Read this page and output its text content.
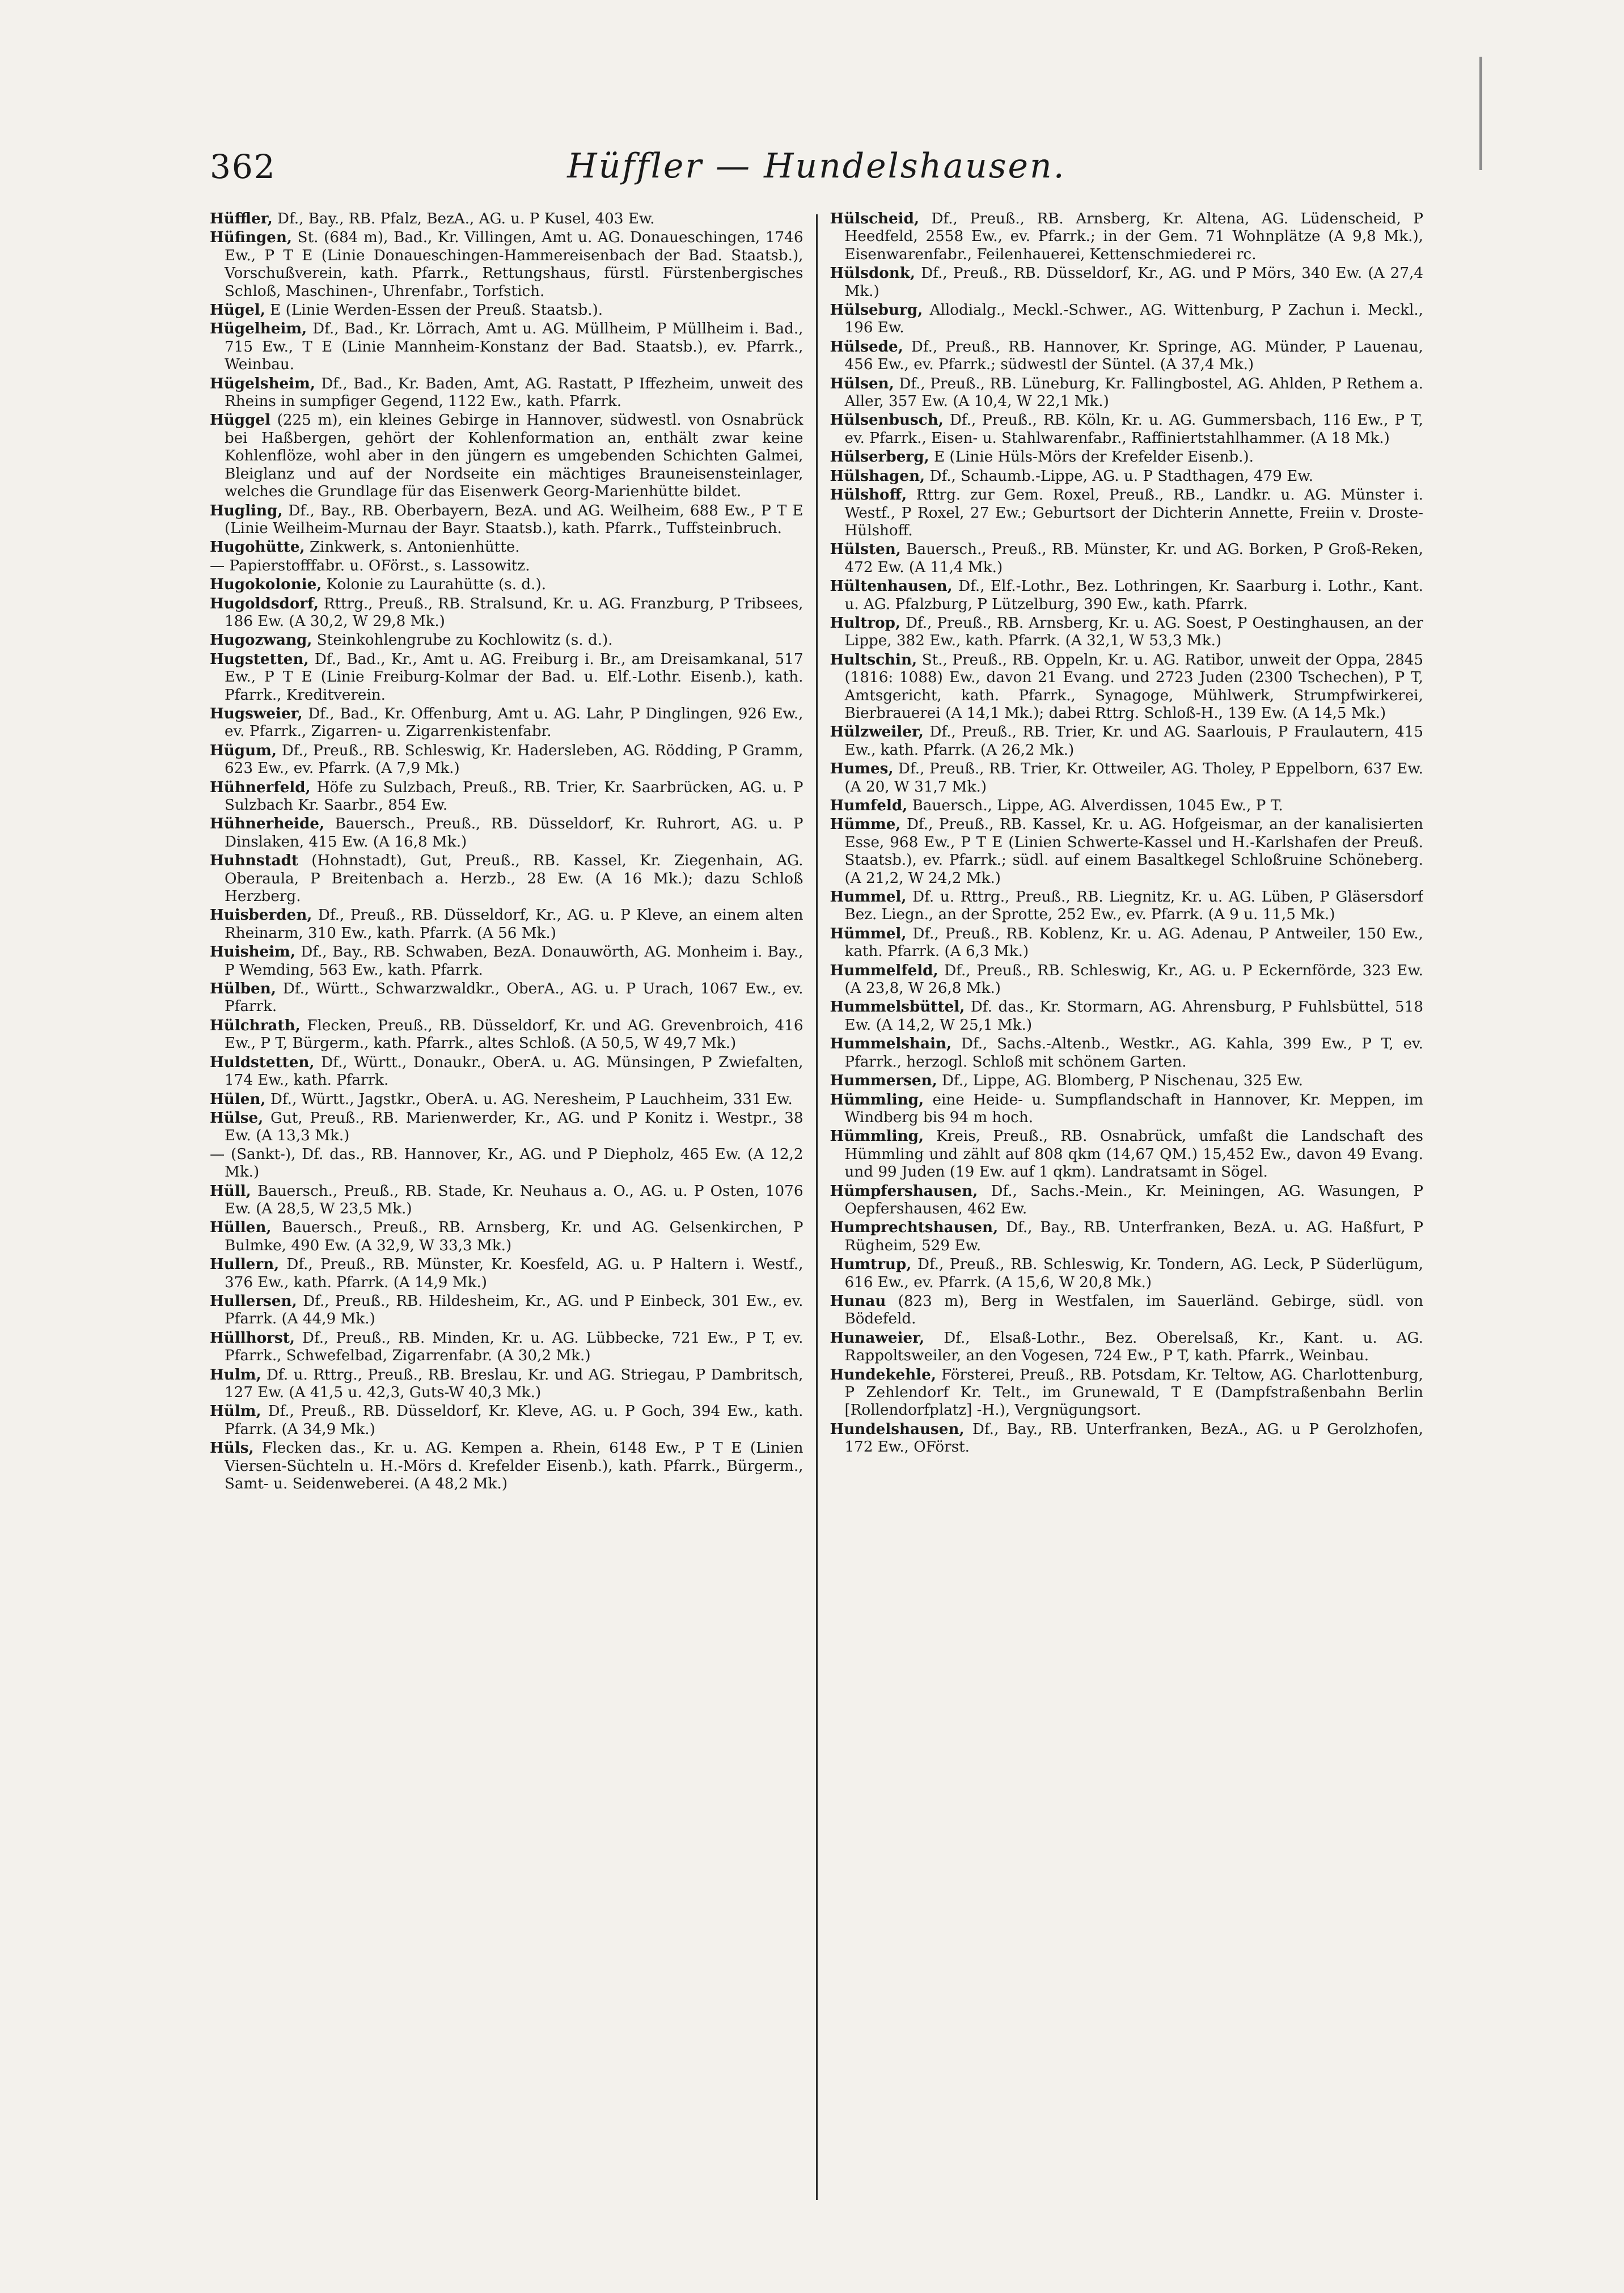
362	Hüffler — Hundelshausen.

Hüffler, Df., Bay., RB. Pfalz, BezA., AG. u. P Kusel, 403 Ew.

Hüfingen, St. (684 m), Bad., Kr. Villingen, Amt u. AG. Donaueschingen, 1746 Ew., P T E (Linie Donaueschingen-Hammereisenbach der Bad. Staatsb.), Vorschußverein, kath. Pfarrk., Rettungshaus, fürstl. Fürstenbergisches Schloß, Maschinen-, Uhrenfabr., Torfstich.

Hügel, E (Linie Werden-Essen der Preuß. Staatsb.).

Hügelheim, Df., Bad., Kr. Lörrach, Amt u. AG. Müllheim, P Müllheim i. Bad., 715 Ew., T E (Linie Mannheim-Konstanz der Bad. Staatsb.), ev. Pfarrk., Weinbau.

Hügelsheim, Df., Bad., Kr. Baden, Amt, AG. Rastatt, P Iffezheim, unweit des Rheins in sumpfiger Gegend, 1122 Ew., kath. Pfarrk.

Hüggel (225 m), ein kleines Gebirge in Hannover, südwestl. von Osnabrück bei Haßbergen, gehört der Kohlenformation an, enthält zwar keine Kohlenflöze, wohl aber in den jüngern es umgebenden Schichten Galmei, Bleiglanz und auf der Nordseite ein mächtiges Brauneisensteinlager, welches die Grundlage für das Eisenwerk Georg-Marienhütte bildet.

Hugling, Df., Bay., RB. Oberbayern, BezA. und AG. Weilheim, 688 Ew., P T E (Linie Weilheim-Murnau der Bayr. Staatsb.), kath. Pfarrk., Tuffsteinbruch.

Hugohütte, Zinkwerk, s. Antonienhütte.

— Papierstofffabr. u. OFörst., s. Lassowitz.

Hugokolonie, Kolonie zu Laurahütte (s. d.).

Hugoldsdorf, Rttrg., Preuß., RB. Stralsund, Kr. u. AG. Franzburg, P Tribsees, 186 Ew. (A 30,2, W 29,8 Mk.)

Hugozwang, Steinkohlengrube zu Kochlowitz (s. d.).

Hugstetten, Df., Bad., Kr., Amt u. AG. Freiburg i. Br., am Dreisamkanal, 517 Ew., P T E (Linie Freiburg-Kolmar der Bad. u. Elf.-Lothr. Eisenb.), kath. Pfarrk., Kreditverein.

Hugsweier, Df., Bad., Kr. Offenburg, Amt u. AG. Lahr, P Dinglingen, 926 Ew., ev. Pfarrk., Zigarren- u. Zigarrenkistenfabr.

Hügum, Df., Preuß., RB. Schleswig, Kr. Hadersleben, AG. Rödding, P Gramm, 623 Ew., ev. Pfarrk. (A 7,9 Mk.)

Hühnerfeld, Höfe zu Sulzbach, Preuß., RB. Trier, Kr. Saarbrücken, AG. u. P Sulzbach Kr. Saarbr., 854 Ew.

Hühnerheide, Bauersch., Preuß., RB. Düsseldorf, Kr. Ruhrort, AG. u. P Dinslaken, 415 Ew. (A 16,8 Mk.)

Huhnstadt (Hohnstadt), Gut, Preuß., RB. Kassel, Kr. Ziegenhain, AG. Oberaula, P Breitenbach a. Herzb., 28 Ew. (A 16 Mk.); dazu Schloß Herzberg.

Huisberden, Df., Preuß., RB. Düsseldorf, Kr., AG. u. P Kleve, an einem alten Rheinarm, 310 Ew., kath. Pfarrk. (A 56 Mk.)

Huisheim, Df., Bay., RB. Schwaben, BezA. Donauwörth, AG. Monheim i. Bay., P Wemding, 563 Ew., kath. Pfarrk.

Hülben, Df., Württ., Schwarzwaldkr., OberA., AG. u. P Urach, 1067 Ew., ev. Pfarrk.

Hülchrath, Flecken, Preuß., RB. Düsseldorf, Kr. und AG. Grevenbroich, 416 Ew., P T, Bürgerm., kath. Pfarrk., altes Schloß. (A 50,5, W 49,7 Mk.)

Huldstetten, Df., Württ., Donaukr., OberA. u. AG. Münsingen, P Zwiefalten, 174 Ew., kath. Pfarrk.

Hülen, Df., Württ., Jagstkr., OberA. u. AG. Neresheim, P Lauchheim, 331 Ew.

Hülse, Gut, Preuß., RB. Marienwerder, Kr., AG. und P Konitz i. Westpr., 38 Ew. (A 13,3 Mk.)

— (Sankt-), Df. das., RB. Hannover, Kr., AG. und P Diepholz, 465 Ew. (A 12,2 Mk.)

Hüll, Bauersch., Preuß., RB. Stade, Kr. Neuhaus a. O., AG. u. P Osten, 1076 Ew. (A 28,5, W 23,5 Mk.)

Hüllen, Bauersch., Preuß., RB. Arnsberg, Kr. und AG. Gelsenkirchen, P Bulmke, 490 Ew. (A 32,9, W 33,3 Mk.)

Hullern, Df., Preuß., RB. Münster, Kr. Koesfeld, AG. u. P Haltern i. Westf., 376 Ew., kath. Pfarrk. (A 14,9 Mk.)

Hullersen, Df., Preuß., RB. Hildesheim, Kr., AG. und P Einbeck, 301 Ew., ev. Pfarrk. (A 44,9 Mk.)

Hüllhorst, Df., Preuß., RB. Minden, Kr. u. AG. Lübbecke, 721 Ew., P T, ev. Pfarrk., Schwefelbad, Zigarrenfabr. (A 30,2 Mk.)

Hulm, Df. u. Rttrg., Preuß., RB. Breslau, Kr. und AG. Striegau, P Dambritsch, 127 Ew. (A 41,5 u. 42,3, Guts-W 40,3 Mk.)

Hülm, Df., Preuß., RB. Düsseldorf, Kr. Kleve, AG. u. P Goch, 394 Ew., kath. Pfarrk. (A 34,9 Mk.)

Hüls, Flecken das., Kr. u. AG. Kempen a. Rhein, 6148 Ew., P T E (Linien Viersen-Süchteln u. H.-Mörs d. Krefelder Eisenb.), kath. Pfarrk., Bürgerm., Samt- u. Seidenweberei. (A 48,2 Mk.)

Hülscheid, Df., Preuß., RB. Arnsberg, Kr. Altena, AG. Lüdenscheid, P Heedfeld, 2558 Ew., ev. Pfarrk.; in der Gem. 71 Wohnplätze (A 9,8 Mk.), Eisenwarenfabr., Feilenhauerei, Kettenschmiederei rc.

Hülsdonk, Df., Preuß., RB. Düsseldorf, Kr., AG. und P Mörs, 340 Ew. (A 27,4 Mk.)

Hülseburg, Allodialg., Meckl.-Schwer., AG. Wittenburg, P Zachun i. Meckl., 196 Ew.

Hülsede, Df., Preuß., RB. Hannover, Kr. Springe, AG. Münder, P Lauenau, 456 Ew., ev. Pfarrk.; südwestl der Süntel. (A 37,4 Mk.)

Hülsen, Df., Preuß., RB. Lüneburg, Kr. Fallingbostel, AG. Ahlden, P Rethem a. Aller, 357 Ew. (A 10,4, W 22,1 Mk.)

Hülsenbusch, Df., Preuß., RB. Köln, Kr. u. AG. Gummersbach, 116 Ew., P T, ev. Pfarrk., Eisen- u. Stahlwarenfabr., Raffiniertstahlhammer. (A 18 Mk.)

Hülserberg, E (Linie Hüls-Mörs der Krefelder Eisenb.).

Hülshagen, Df., Schaumb.-Lippe, AG. u. P Stadthagen, 479 Ew.

Hülshoff, Rttrg. zur Gem. Roxel, Preuß., RB., Landkr. u. AG. Münster i. Westf., P Roxel, 27 Ew.; Geburtsort der Dichterin Annette, Freiin v. Droste-Hülshoff.

Hülsten, Bauersch., Preuß., RB. Münster, Kr. und AG. Borken, P Groß-Reken, 472 Ew. (A 11,4 Mk.)

Hültenhausen, Df., Elf.-Lothr., Bez. Lothringen, Kr. Saarburg i. Lothr., Kant. u. AG. Pfalzburg, P Lützelburg, 390 Ew., kath. Pfarrk.

Hultrop, Df., Preuß., RB. Arnsberg, Kr. u. AG. Soest, P Oestinghausen, an der Lippe, 382 Ew., kath. Pfarrk. (A 32,1, W 53,3 Mk.)

Hultschin, St., Preuß., RB. Oppeln, Kr. u. AG. Ratibor, unweit der Oppa, 2845 (1816: 1088) Ew., davon 21 Evang. und 2723 Juden (2300 Tschechen), P T, Amtsgericht, kath. Pfarrk., Synagoge, Mühlwerk, Strumpfwirkerei, Bierbrauerei (A 14,1 Mk.); dabei Rttrg. Schloß-H., 139 Ew. (A 14,5 Mk.)

Hülzweiler, Df., Preuß., RB. Trier, Kr. und AG. Saarlouis, P Fraulautern, 415 Ew., kath. Pfarrk. (A 26,2 Mk.)

Humes, Df., Preuß., RB. Trier, Kr. Ottweiler, AG. Tholey, P Eppelborn, 637 Ew. (A 20, W 31,7 Mk.)

Humfeld, Bauersch., Lippe, AG. Alverdissen, 1045 Ew., P T.

Hümme, Df., Preuß., RB. Kassel, Kr. u. AG. Hofgeismar, an der kanalisierten Esse, 968 Ew., P T E (Linien Schwerte-Kassel und H.-Karlshafen der Preuß. Staatsb.), ev. Pfarrk.; südl. auf einem Basaltkegel Schloßruine Schöneberg. (A 21,2, W 24,2 Mk.)

Hummel, Df. u. Rttrg., Preuß., RB. Liegnitz, Kr. u. AG. Lüben, P Gläsersdorf Bez. Liegn., an der Sprotte, 252 Ew., ev. Pfarrk. (A 9 u. 11,5 Mk.)

Hümmel, Df., Preuß., RB. Koblenz, Kr. u. AG. Adenau, P Antweiler, 150 Ew., kath. Pfarrk. (A 6,3 Mk.)

Hummelfeld, Df., Preuß., RB. Schleswig, Kr., AG. u. P Eckernförde, 323 Ew. (A 23,8, W 26,8 Mk.)

Hummelsbüttel, Df. das., Kr. Stormarn, AG. Ahrensburg, P Fuhlsbüttel, 518 Ew. (A 14,2, W 25,1 Mk.)

Hummelshain, Df., Sachs.-Altenb., Westkr., AG. Kahla, 399 Ew., P T, ev. Pfarrk., herzogl. Schloß mit schönem Garten.

Hummersen, Df., Lippe, AG. Blomberg, P Nischenau, 325 Ew.

Hümmling, eine Heide- u. Sumpflandschaft in Hannover, Kr. Meppen, im Windberg bis 94 m hoch.

Hümmling, Kreis, Preuß., RB. Osnabrück, umfaßt die Landschaft des Hümmling und zählt auf 808 qkm (14,67 QM.) 15,452 Ew., davon 49 Evang. und 99 Juden (19 Ew. auf 1 qkm). Landratsamt in Sögel.

Hümpfershausen, Df., Sachs.-Mein., Kr. Meiningen, AG. Wasungen, P Oepfershausen, 462 Ew.

Humprechtshausen, Df., Bay., RB. Unterfranken, BezA. u. AG. Haßfurt, P Rügheim, 529 Ew.

Humtrup, Df., Preuß., RB. Schleswig, Kr. Tondern, AG. Leck, P Süderlügum, 616 Ew., ev. Pfarrk. (A 15,6, W 20,8 Mk.)

Hunau (823 m), Berg in Westfalen, im Sauerländ. Gebirge, südl. von Bödefeld.

Hunaweier, Df., Elsaß-Lothr., Bez. Oberelsaß, Kr., Kant. u. AG. Rappoltsweiler, an den Vogesen, 724 Ew., P T, kath. Pfarrk., Weinbau.

Hundekehle, Försterei, Preuß., RB. Potsdam, Kr. Teltow, AG. Charlottenburg, P Zehlendorf Kr. Telt., im Grunewald, T E (Dampfstraßenbahn Berlin [Rollendorfplatz] -H.), Vergnügungsort.

Hundelshausen, Df., Bay., RB. Unterfranken, BezA., AG. u P Gerolzhofen, 172 Ew., OFörst.
